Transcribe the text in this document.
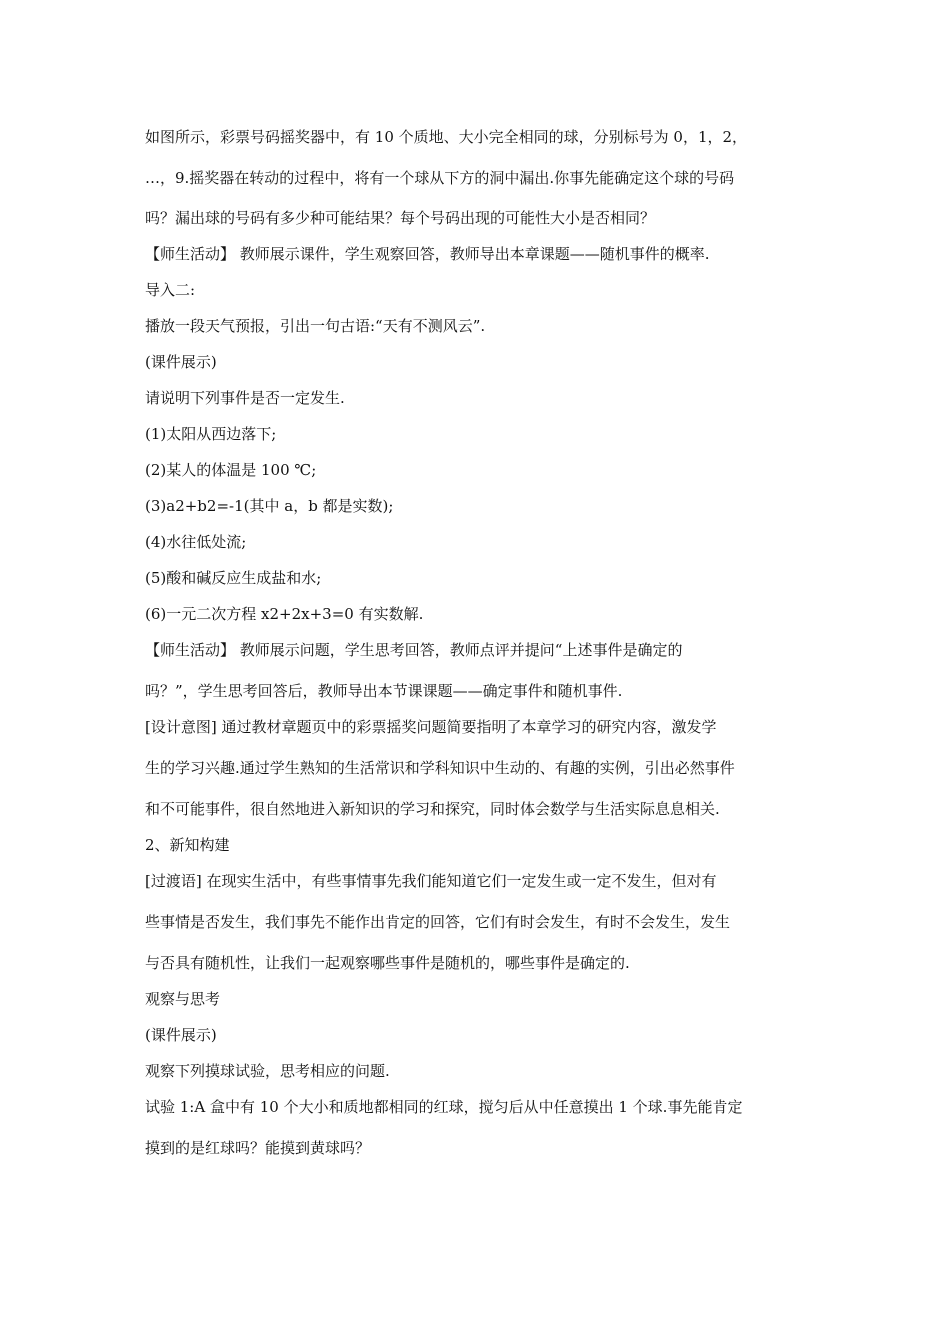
如图所示，彩票号码摇奖器中，有 10 个质地、大小完全相同的球，分别标号为 0，1，2，
…，9.摇奖器在转动的过程中，将有一个球从下方的洞中漏出.你事先能确定这个球的号码
吗？漏出球的号码有多少种可能结果？每个号码出现的可能性大小是否相同？
【师生活动】 教师展示课件，学生观察回答，教师导出本章课题——随机事件的概率.
导入二:
播放一段天气预报，引出一句古语:“天有不测风云”.
(课件展示)
请说明下列事件是否一定发生.
(1)太阳从西边落下;
(2)某人的体温是 100 ℃;
(3)a2+b2=-1(其中 a，b 都是实数);
(4)水往低处流;
(5)酸和碱反应生成盐和水;
(6)一元二次方程 x2+2x+3=0 有实数解.
【师生活动】 教师展示问题，学生思考回答，教师点评并提问“上述事件是确定的
吗？”，学生思考回答后，教师导出本节课课题——确定事件和随机事件.
[设计意图] 通过教材章题页中的彩票摇奖问题简要指明了本章学习的研究内容，激发学
生的学习兴趣.通过学生熟知的生活常识和学科知识中生动的、有趣的实例，引出必然事件
和不可能事件，很自然地进入新知识的学习和探究，同时体会数学与生活实际息息相关.
2、新知构建
[过渡语] 在现实生活中，有些事情事先我们能知道它们一定发生或一定不发生，但对有
些事情是否发生，我们事先不能作出肯定的回答，它们有时会发生，有时不会发生，发生
与否具有随机性，让我们一起观察哪些事件是随机的，哪些事件是确定的.
观察与思考
(课件展示)
观察下列摸球试验，思考相应的问题.
试验 1:A 盒中有 10 个大小和质地都相同的红球，搅匀后从中任意摸出 1 个球.事先能肯定
摸到的是红球吗？能摸到黄球吗？
